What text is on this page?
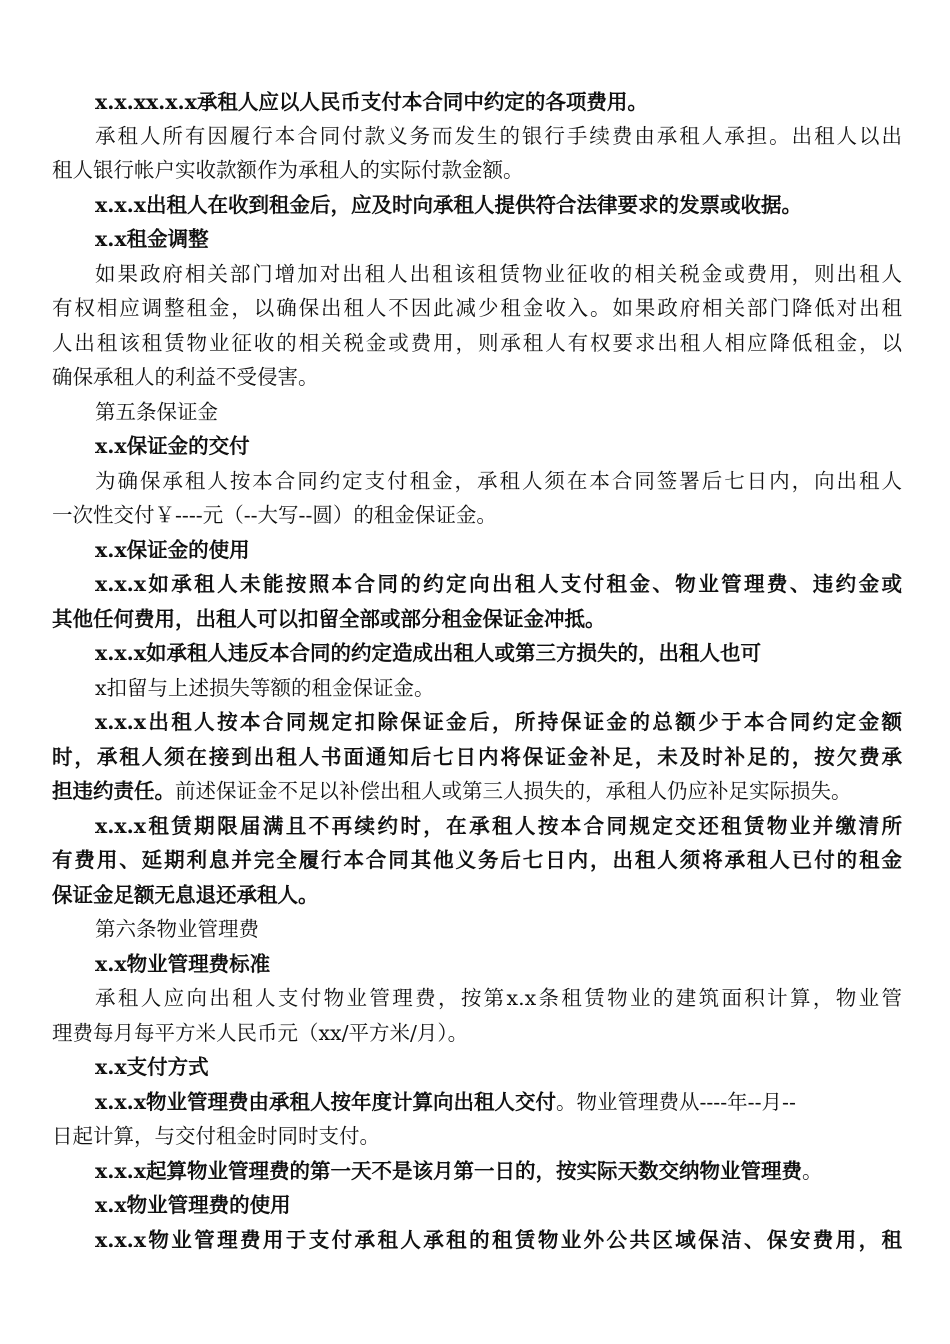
x.x.xx.x.x承租人应以人民币支付本合同中约定的各项费用。
承租人所有因履行本合同付款义务而发生的银行手续费由承租人承担。出租人以出
租人银行帐户实收款额作为承租人的实际付款金额。
x.x.x出租人在收到租金后，应及时向承租人提供符合法律要求的发票或收据。
x.x租金调整
如果政府相关部门增加对出租人出租该租赁物业征收的相关税金或费用，则出租人
有权相应调整租金，以确保出租人不因此减少租金收入。如果政府相关部门降低对出租
人出租该租赁物业征收的相关税金或费用，则承租人有权要求出租人相应降低租金，以
确保承租人的利益不受侵害。
第五条保证金
x.x保证金的交付
为确保承租人按本合同约定支付租金，承租人须在本合同签署后七日内，向出租人
一次性交付￥----元（--大写--圆）的租金保证金。
x.x保证金的使用
x.x.x如承租人未能按照本合同的约定向出租人支付租金、物业管理费、违约金或
其他任何费用，出租人可以扣留全部或部分租金保证金冲抵。
x.x.x如承租人违反本合同的约定造成出租人或第三方损失的，出租人也可
x扣留与上述损失等额的租金保证金。
x.x.x出租人按本合同规定扣除保证金后，所持保证金的总额少于本合同约定金额
时，承租人须在接到出租人书面通知后七日内将保证金补足，未及时补足的，按欠费承
担违约责任。前述保证金不足以补偿出租人或第三人损失的，承租人仍应补足实际损失。
x.x.x租赁期限届满且不再续约时，在承租人按本合同规定交还租赁物业并缴清所
有费用、延期利息并完全履行本合同其他义务后七日内，出租人须将承租人已付的租金
保证金足额无息退还承租人。
第六条物业管理费
x.x物业管理费标准
承租人应向出租人支付物业管理费，按第x.x条租赁物业的建筑面积计算，物业管
理费每月每平方米人民币元（xx/平方米/月）。
x.x支付方式
x.x.x物业管理费由承租人按年度计算向出租人交付。物业管理费从----年--月--
日起计算，与交付租金时同时支付。
x.x.x起算物业管理费的第一天不是该月第一日的，按实际天数交纳物业管理费。
x.x物业管理费的使用
x.x.x物业管理费用于支付承租人承租的租赁物业外公共区域保洁、保安费用，租
